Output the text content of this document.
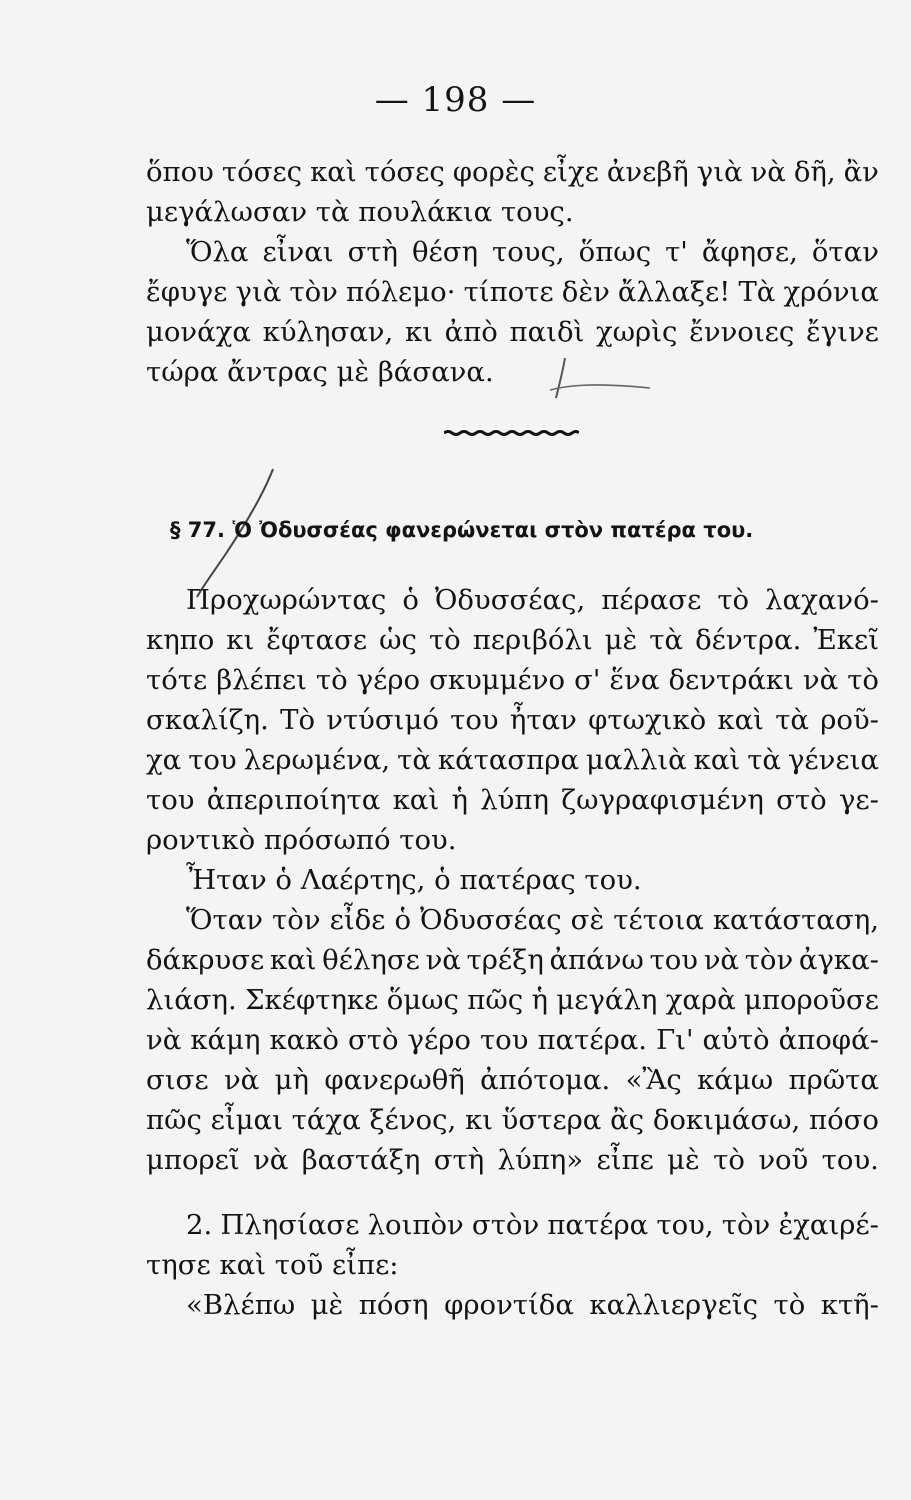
— 198 —
ὅπου τόσες καὶ τόσες φορὲς εἶχε ἀνεβῆ γιὰ νὰ δῆ, ἂν
μεγάλωσαν τὰ πουλάκια τους.
Ὅλα εἶναι στὴ θέση τους, ὅπως τ' ἄφησε, ὅταν
ἔφυγε γιὰ τὸν πόλεμο· τίποτε δὲν ἄλλαξε! Τὰ χρόνια
μονάχα κύλησαν, κι ἀπὸ παιδὶ χωρὶς ἔννοιες ἔγινε
τώρα ἄντρας μὲ βάσανα.
Προχωρώντας ὁ Ὀδυσσέας, πέρασε τὸ λαχανό-
κηπο κι ἔφτασε ὡς τὸ περιβόλι μὲ τὰ δέντρα. Ἐκεῖ
τότε βλέπει τὸ γέρο σκυμμένο σ' ἕνα δεντράκι νὰ τὸ
σκαλίζη. Τὸ ντύσιμό του ἦταν φτωχικὸ καὶ τὰ ροῦ-
χα του λερωμένα, τὰ κάτασπρα μαλλιὰ καὶ τὰ γένεια
του ἀπεριποίητα καὶ ἡ λύπη ζωγραφισμένη στὸ γε-
ροντικὸ πρόσωπό του.
Ἦταν ὁ Λαέρτης, ὁ πατέρας του.
Ὅταν τὸν εἶδε ὁ Ὀδυσσέας σὲ τέτοια κατάσταση,
δάκρυσε καὶ θέλησε νὰ τρέξη ἀπάνω του νὰ τὸν ἀγκα-
λιάση. Σκέφτηκε ὅμως πῶς ἡ μεγάλη χαρὰ μποροῦσε
νὰ κάμη κακὸ στὸ γέρο του πατέρα. Γι' αὐτὸ ἀποφά-
σισε νὰ μὴ φανερωθῆ ἀπότομα. «Ἂς κάμω πρῶτα
πῶς εἶμαι τάχα ξένος, κι ὕστερα ἂς δοκιμάσω, πόσο
μπορεῖ νὰ βαστάξη στὴ λύπη» εἶπε μὲ τὸ νοῦ του.
2. Πλησίασε λοιπὸν στὸν πατέρα του, τὸν ἐχαιρέ-
τησε καὶ τοῦ εἶπε:
«Βλέπω μὲ πόση φροντίδα καλλιεργεῖς τὸ κτῆ-
§ 77. Ὁ Ὀδυσσέας φανερώνεται στὸν πατέρα του.
